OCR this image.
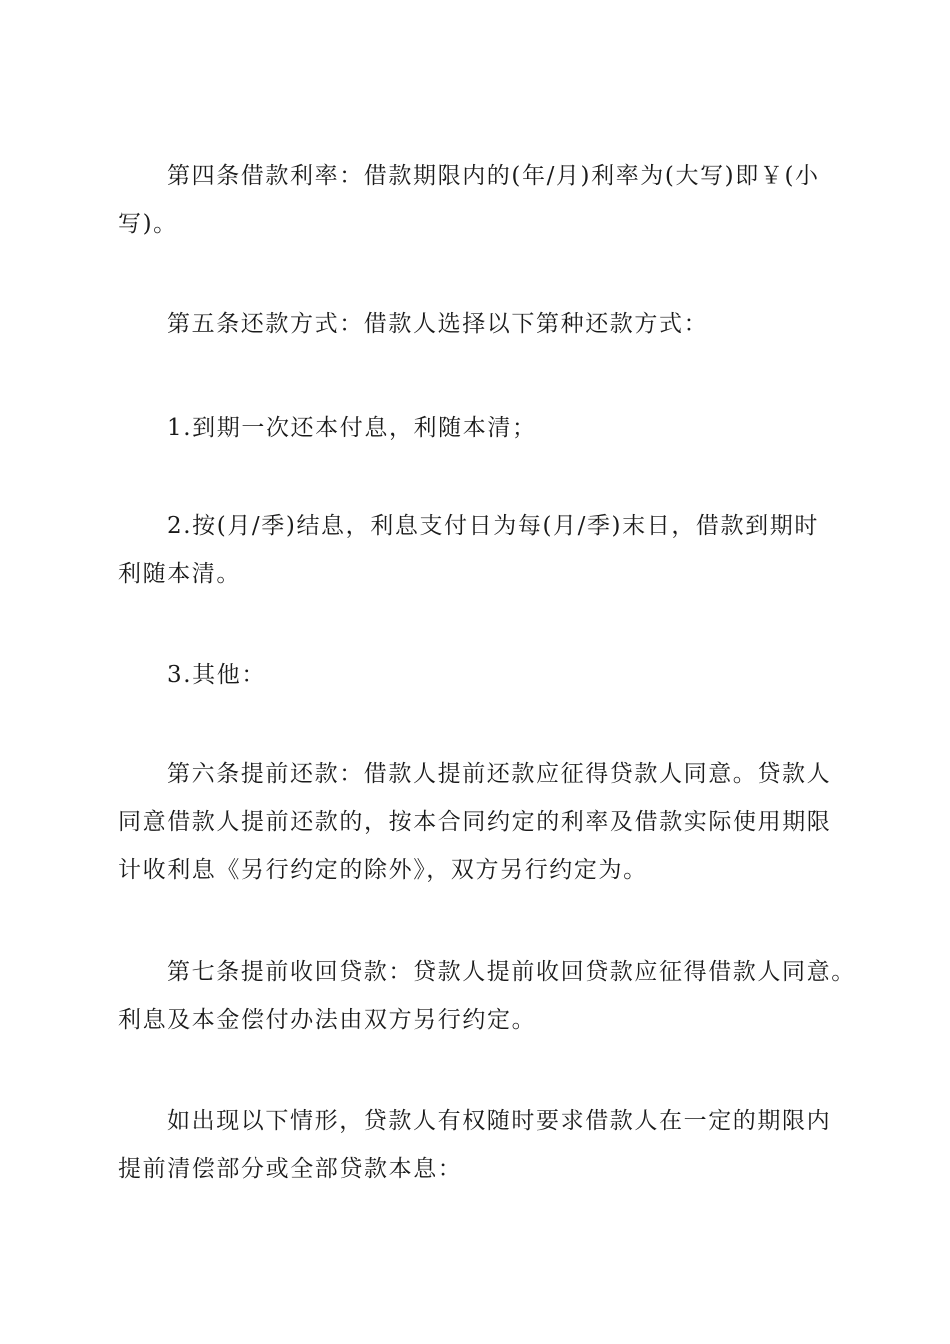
第四条借款利率：借款期限内的(年/月)利率为(大写)即￥(小
写)。

第五条还款方式：借款人选择以下第种还款方式：

1.到期一次还本付息，利随本清；

2.按(月/季)结息，利息支付日为每(月/季)末日，借款到期时
利随本清。

3.其他：

第六条提前还款：借款人提前还款应征得贷款人同意。贷款人
同意借款人提前还款的，按本合同约定的利率及借款实际使用期限
计收利息《另行约定的除外》，双方另行约定为。

第七条提前收回贷款：贷款人提前收回贷款应征得借款人同意。
利息及本金偿付办法由双方另行约定。

如出现以下情形，贷款人有权随时要求借款人在一定的期限内
提前清偿部分或全部贷款本息：
